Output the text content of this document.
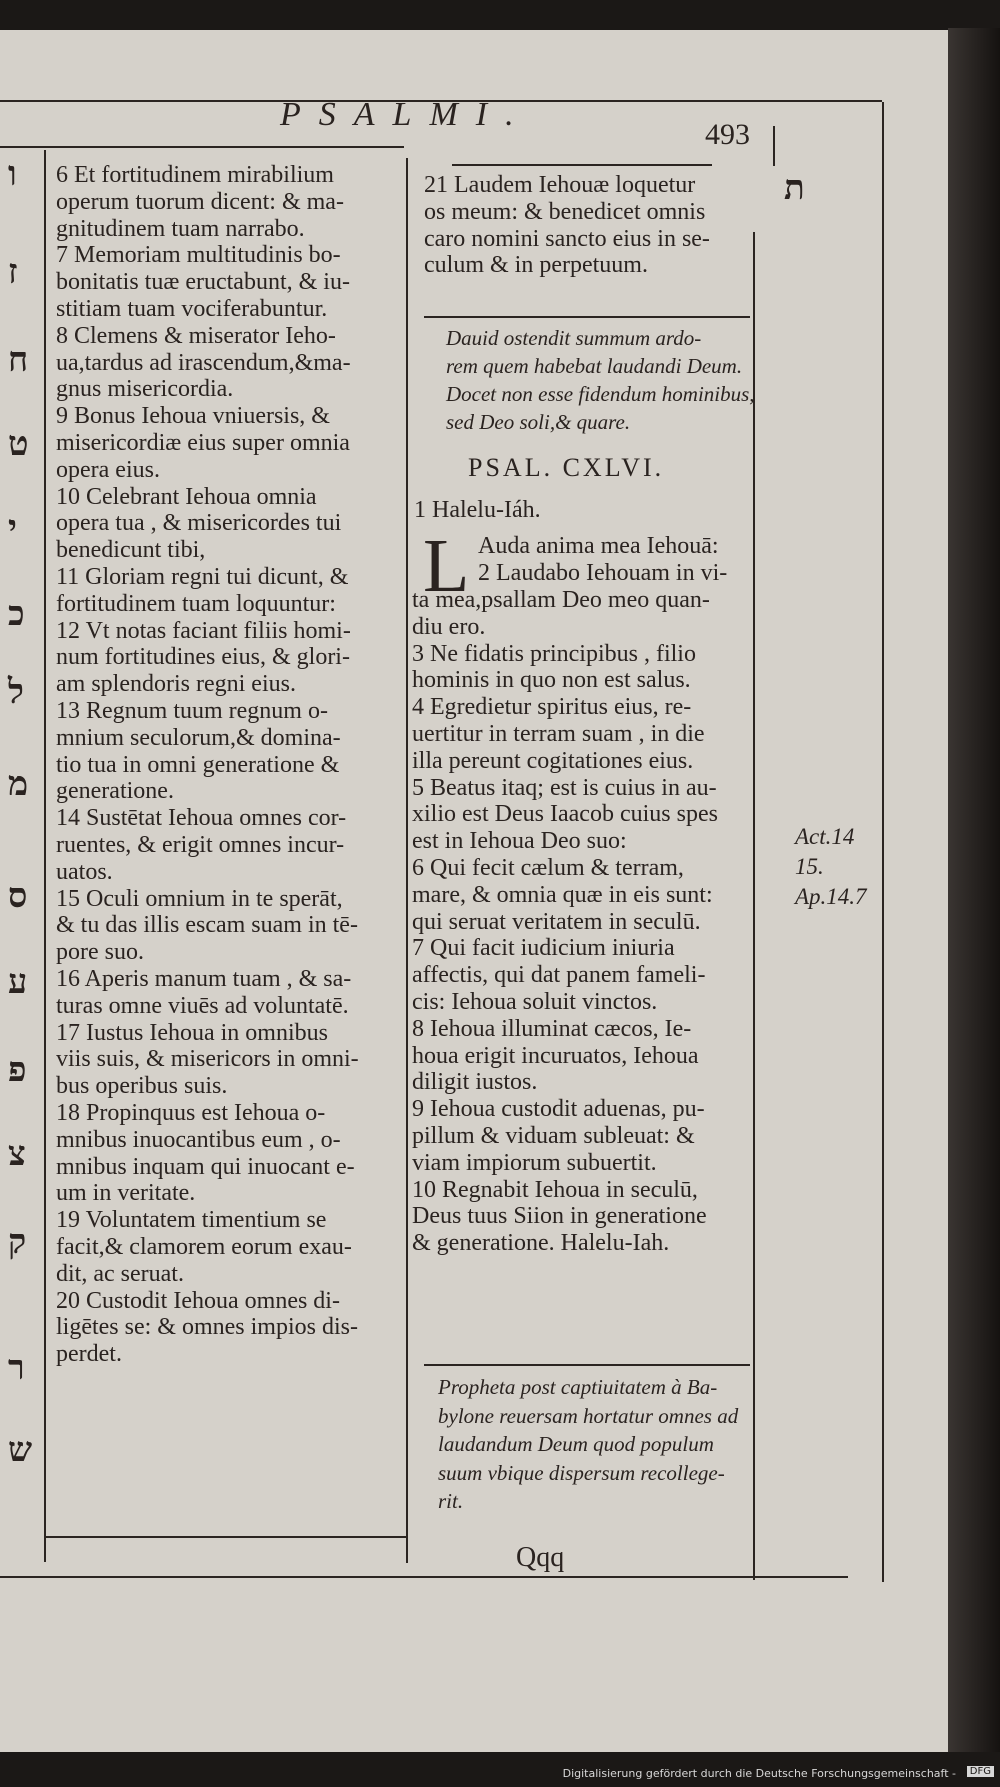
PSALMI.
493
ו
ז
ח
ט
י
כ
ל
מ
ס
ע
פ
צ
ק
ר
ש
ת
6 Et fortitudinem mirabilium
operum tuorum dicent: & ma-
gnitudinem tuam narrabo.
7 Memoriam multitudinis bo-
bonitatis tuæ eructabunt, & iu-
stitiam tuam vociferabuntur.
8 Clemens & miserator Ieho-
ua,tardus ad irascendum,&ma-
gnus misericordia.
9 Bonus Iehoua vniuersis, &
misericordiæ eius super omnia
opera eius.
10 Celebrant Iehoua omnia
opera tua , & misericordes tui
benedicunt tibi,
11 Gloriam regni tui dicunt, &
fortitudinem tuam loquuntur:
12 Vt notas faciant filiis homi-
num fortitudines eius, & glori-
am splendoris regni eius.
13 Regnum tuum regnum o-
mnium seculorum,& domina-
tio tua in omni generatione &
generatione.
14 Sustētat Iehoua omnes cor-
ruentes, & erigit omnes incur-
uatos.
15 Oculi omnium in te sperāt,
& tu das illis escam suam in tē-
pore suo.
16 Aperis manum tuam , & sa-
turas omne viuēs ad voluntatē.
17 Iustus Iehoua in omnibus
viis suis, & misericors in omni-
bus operibus suis.
18 Propinquus est Iehoua o-
mnibus inuocantibus eum , o-
mnibus inquam qui inuocant e-
um in veritate.
19 Voluntatem timentium se
facit,& clamorem eorum exau-
dit, ac seruat.
20 Custodit Iehoua omnes di-
ligētes se: & omnes impios dis-
perdet.
21 Laudem Iehouæ loquetur
os meum: & benedicet omnis
caro nomini sancto eius in se-
culum & in perpetuum.
Dauid ostendit summum ardo-
rem quem habebat laudandi Deum.
Docet non esse fidendum hominibus,
sed Deo soli,& quare.
PSAL. CXLVI.
1 Halelu-Iáh.
L Auda anima mea Iehouā:
2 Laudabo Iehouam in vi-
ta mea,psallam Deo meo quan-
diu ero.
3 Ne fidatis principibus , filio
hominis in quo non est salus.
4 Egredietur spiritus eius, re-
uertitur in terram suam , in die
illa pereunt cogitationes eius.
5 Beatus itaq; est is cuius in au-
xilio est Deus Iaacob cuius spes
est in Iehoua Deo suo:
6 Qui fecit cælum & terram,
mare, & omnia quæ in eis sunt:
qui seruat veritatem in seculū.
7 Qui facit iudicium iniuria
affectis, qui dat panem fameli-
cis: Iehoua soluit vinctos.
8 Iehoua illuminat cæcos, Ie-
houa erigit incuruatos, Iehoua
diligit iustos.
9 Iehoua custodit aduenas, pu-
pillum & viduam subleuat: &
viam impiorum subuertit.
10 Regnabit Iehoua in seculū,
Deus tuus Siion in generatione
& generatione. Halelu-Iah.
Propheta post captiuitatem à Ba-
bylone reuersam hortatur omnes ad
laudandum Deum quod populum
suum vbique dispersum recollege-
rit.
Act.14
15.
Ap.14.7
Qqq
Digitalisierung gefördert durch die Deutsche Forschungsgemeinschaft -	DFG
